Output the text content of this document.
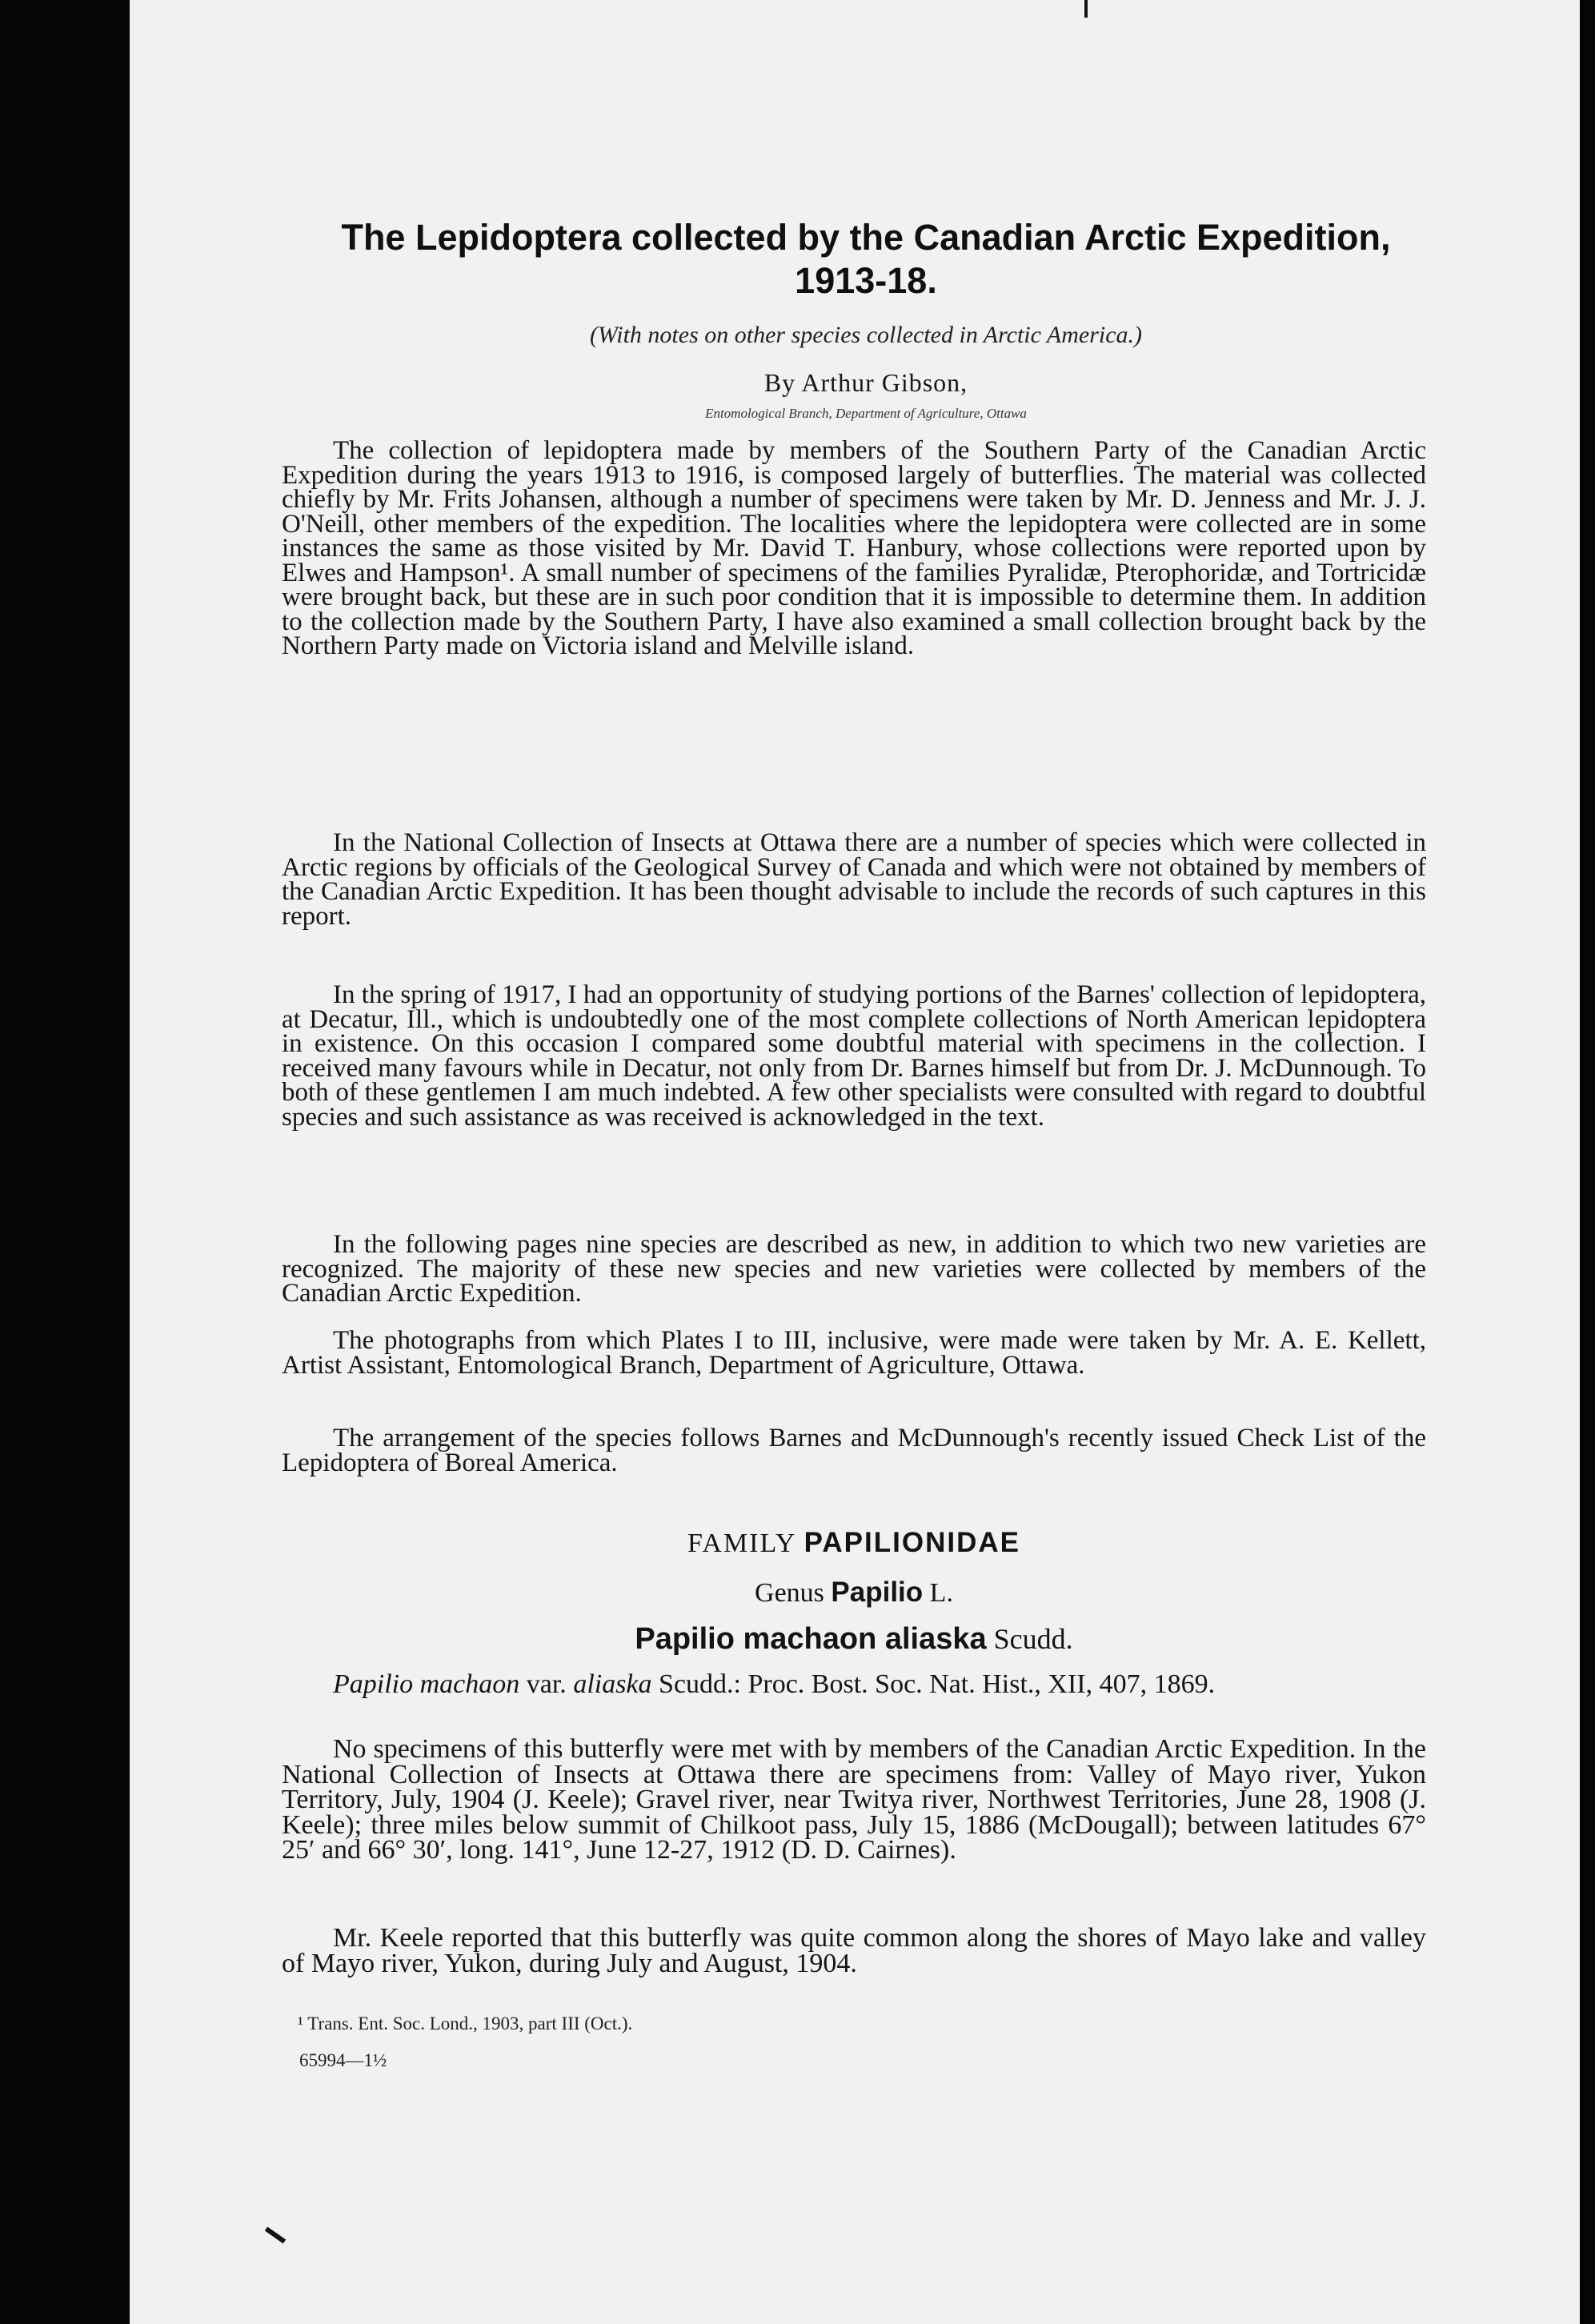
The Lepidoptera collected by the Canadian Arctic Expedition, 1913-18.
(With notes on other species collected in Arctic America.)
By Arthur Gibson,
Entomological Branch, Department of Agriculture, Ottawa

The collection of lepidoptera made by members of the Southern Party of the Canadian Arctic Expedition during the years 1913 to 1916, is composed largely of butterflies. The material was collected chiefly by Mr. Frits Johansen, although a number of specimens were taken by Mr. D. Jenness and Mr. J. J. O'Neill, other members of the expedition. The localities where the lepidoptera were collected are in some instances the same as those visited by Mr. David T. Hanbury, whose collections were reported upon by Elwes and Hampson¹. A small number of specimens of the families Pyralidæ, Pterophoridæ, and Tortricidæ were brought back, but these are in such poor condition that it is impossible to determine them. In addition to the collection made by the Southern Party, I have also examined a small collection brought back by the Northern Party made on Victoria island and Melville island.

In the National Collection of Insects at Ottawa there are a number of species which were collected in Arctic regions by officials of the Geological Survey of Canada and which were not obtained by members of the Canadian Arctic Expedition. It has been thought advisable to include the records of such captures in this report.

In the spring of 1917, I had an opportunity of studying portions of the Barnes' collection of lepidoptera, at Decatur, Ill., which is undoubtedly one of the most complete collections of North American lepidoptera in existence. On this occasion I compared some doubtful material with specimens in the collection. I received many favours while in Decatur, not only from Dr. Barnes himself but from Dr. J. McDunnough. To both of these gentlemen I am much indebted. A few other specialists were consulted with regard to doubtful species and such assistance as was received is acknowledged in the text.

In the following pages nine species are described as new, in addition to which two new varieties are recognized. The majority of these new species and new varieties were collected by members of the Canadian Arctic Expedition.

The photographs from which Plates I to III, inclusive, were made were taken by Mr. A. E. Kellett, Artist Assistant, Entomological Branch, Department of Agriculture, Ottawa.

The arrangement of the species follows Barnes and McDunnough's recently issued Check List of the Lepidoptera of Boreal America.

FAMILY PAPILIONIDAE
Genus Papilio L.
Papilio machaon aliaska Scudd.

Papilio machaon var. aliaska Scudd.: Proc. Bost. Soc. Nat. Hist., XII, 407, 1869.

No specimens of this butterfly were met with by members of the Canadian Arctic Expedition. In the National Collection of Insects at Ottawa there are specimens from: Valley of Mayo river, Yukon Territory, July, 1904 (J. Keele); Gravel river, near Twitya river, Northwest Territories, June 28, 1908 (J. Keele); three miles below summit of Chilkoot pass, July 15, 1886 (McDougall); between latitudes 67° 25′ and 66° 30′, long. 141°, June 12-27, 1912 (D. D. Cairnes).

Mr. Keele reported that this butterfly was quite common along the shores of Mayo lake and valley of Mayo river, Yukon, during July and August, 1904.

¹ Trans. Ent. Soc. Lond., 1903, part III (Oct.).
65994—1½
